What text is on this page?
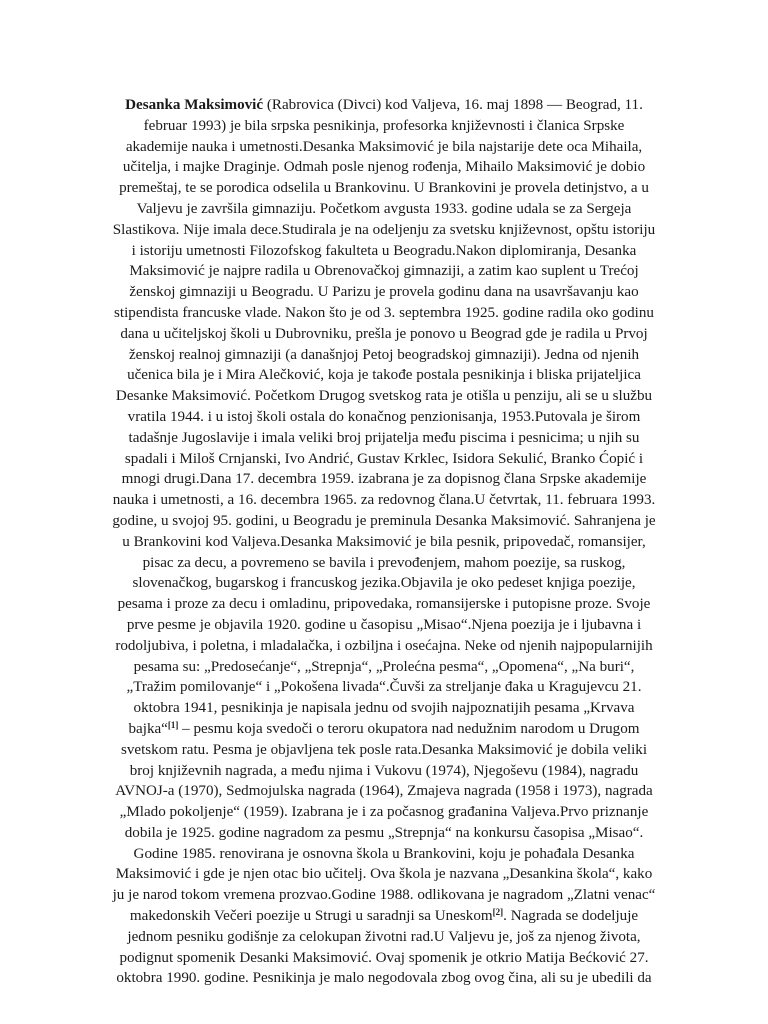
Desanka Maksimović (Rabrovica (Divci) kod Valjeva, 16. maj 1898 — Beograd, 11.
februar 1993) je bila srpska pesnikinja, profesorka književnosti i članica Srpske
akademije nauka i umetnosti.Desanka Maksimović je bila najstarije dete oca Mihaila,
učitelja, i majke Draginje. Odmah posle njenog rođenja, Mihailo Maksimović je dobio
premeštaj, te se porodica odselila u Brankovinu. U Brankovini je provela detinjstvo, a u
Valjevu je završila gimnaziju. Početkom avgusta 1933. godine udala se za Sergeja
Slastikova. Nije imala dece.Studirala je na odeljenju za svetsku književnost, opštu istoriju
i istoriju umetnosti Filozofskog fakulteta u Beogradu.Nakon diplomiranja, Desanka
Maksimović je najpre radila u Obrenovačkoj gimnaziji, a zatim kao suplent u Trećoj
ženskoj gimnaziji u Beogradu. U Parizu je provela godinu dana na usavršavanju kao
stipendista francuske vlade. Nakon što je od 3. septembra 1925. godine radila oko godinu
dana u učiteljskoj školi u Dubrovniku, prešla je ponovo u Beograd gde je radila u Prvoj
ženskoj realnoj gimnaziji (a današnjoj Petoj beogradskoj gimnaziji). Jedna od njenih
učenica bila je i Mira Alečković, koja je takođe postala pesnikinja i bliska prijateljica
Desanke Maksimović. Početkom Drugog svetskog rata je otišla u penziju, ali se u službu
vratila 1944. i u istoj školi ostala do konačnog penzionisanja, 1953.Putovala je širom
tadašnje Jugoslavije i imala veliki broj prijatelja među piscima i pesnicima; u njih su
spadali i Miloš Crnjanski, Ivo Andrić, Gustav Krklec, Isidora Sekulić, Branko Ćopić i
mnogi drugi.Dana 17. decembra 1959. izabrana je za dopisnog člana Srpske akademije
nauka i umetnosti, a 16. decembra 1965. za redovnog člana.U četvrtak, 11. februara 1993.
godine, u svojoj 95. godini, u Beogradu je preminula Desanka Maksimović. Sahranjena je
u Brankovini kod Valjeva.Desanka Maksimović je bila pesnik, pripovedač, romansijer,
pisac za decu, a povremeno se bavila i prevođenjem, mahom poezije, sa ruskog,
slovenačkog, bugarskog i francuskog jezika.Objavila je oko pedeset knjiga poezije,
pesama i proze za decu i omladinu, pripovedaka, romansijerske i putopisne proze. Svoje
prve pesme je objavila 1920. godine u časopisu „Misao“.Njena poezija je i ljubavna i
rodoljubiva, i poletna, i mladalačka, i ozbiljna i osećajna. Neke od njenih najpopularnijih
pesama su: „Predosećanje“, „Strepnja“, „Prolećna pesma“, „Opomena“, „Na buri“,
„Tražim pomilovanje“ i „Pokošena livada“.Čuvši za streljanje đaka u Kragujevcu 21.
oktobra 1941, pesnikinja je napisala jednu od svojih najpoznatijih pesama „Krvava
bajka“[1] – pesmu koja svedoči o teroru okupatora nad nedužnim narodom u Drugom
svetskom ratu. Pesma je objavljena tek posle rata.Desanka Maksimović je dobila veliki
broj književnih nagrada, a među njima i Vukovu (1974), Njegoševu (1984), nagradu
AVNOJ-a (1970), Sedmojulska nagrada (1964), Zmajeva nagrada (1958 i 1973), nagrada
„Mlado pokoljenje“ (1959). Izabrana je i za počasnog građanina Valjeva.Prvo priznanje
dobila je 1925. godine nagradom za pesmu „Strepnja“ na konkursu časopisa „Misao“.
Godine 1985. renovirana je osnovna škola u Brankovini, koju je pohađala Desanka
Maksimović i gde je njen otac bio učitelj. Ova škola je nazvana „Desankina škola“, kako
ju je narod tokom vremena prozvao.Godine 1988. odlikovana je nagradom „Zlatni venac“
makedonskih Večeri poezije u Strugi u saradnji sa Uneskom[2]. Nagrada se dodeljuje
jednom pesniku godišnje za celokupan životni rad.U Valjevu je, još za njenog života,
podignut spomenik Desanki Maksimović. Ovaj spomenik je otkrio Matija Bećković 27.
oktobra 1990. godine. Pesnikinja je malo negodovala zbog ovog čina, ali su je ubedili da
